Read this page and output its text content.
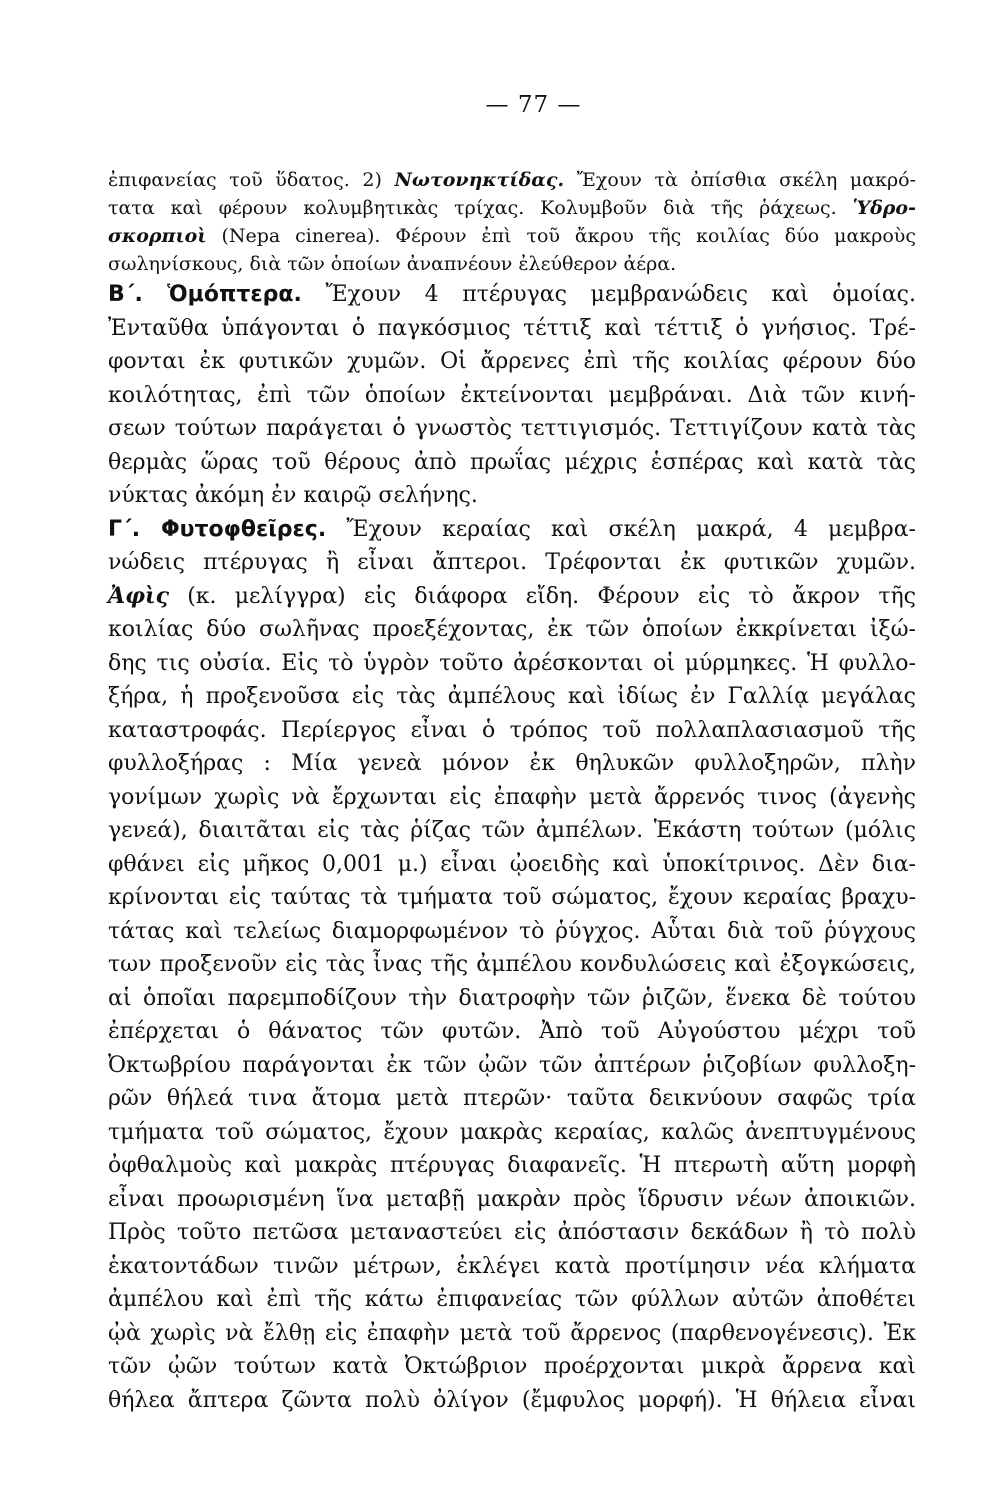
— 77 —
ἐπιφανείας τοῦ ὕδατος. 2) Νωτονηκτίδας. Ἔχουν τὰ ὀπίσθια σκέλη μακρό-
τατα καὶ φέρουν κολυμβητικὰς τρίχας. Κολυμβοῦν διὰ τῆς ῥάχεως. Ὑδρο-
σκορπιοὶ (Nepa cinerea). Φέρουν ἐπὶ τοῦ ἄκρου τῆς κοιλίας δύο μακροὺς
σωληνίσκους, διὰ τῶν ὁποίων ἀναπνέουν ἐλεύθερον ἀέρα.
Β΄. Ὁμόπτερα. Ἔχουν 4 πτέρυγας μεμβρανώδεις καὶ ὁμοίας.
Ἐνταῦθα ὑπάγονται ὁ παγκόσμιος τέττιξ καὶ τέττιξ ὁ γνήσιος. Τρέ-
φονται ἐκ φυτικῶν χυμῶν. Οἱ ἄρρενες ἐπὶ τῆς κοιλίας φέρουν δύο
κοιλότητας, ἐπὶ τῶν ὁποίων ἐκτείνονται μεμβράναι. Διὰ τῶν κινή-
σεων τούτων παράγεται ὁ γνωστὸς τεττιγισμός. Τεττιγίζουν κατὰ τὰς
θερμὰς ὥρας τοῦ θέρους ἀπὸ πρωΐας μέχρις ἑσπέρας καὶ κατὰ τὰς
νύκτας ἀκόμη ἐν καιρῷ σελήνης.
Γ΄. Φυτοφθεῖρες. Ἔχουν κεραίας καὶ σκέλη μακρά, 4 μεμβρα-
νώδεις πτέρυγας ἢ εἶναι ἄπτεροι. Τρέφονται ἐκ φυτικῶν χυμῶν.
Ἀφὶς (κ. μελίγγρα) εἰς διάφορα εἴδη. Φέρουν εἰς τὸ ἄκρον τῆς
κοιλίας δύο σωλῆνας προεξέχοντας, ἐκ τῶν ὁποίων ἐκκρίνεται ἰξώ-
δης τις οὐσία. Εἰς τὸ ὑγρὸν τοῦτο ἀρέσκονται οἱ μύρμηκες. Ἡ φυλλο-
ξήρα, ἡ προξενοῦσα εἰς τὰς ἀμπέλους καὶ ἰδίως ἐν Γαλλίᾳ μεγάλας
καταστροφάς. Περίεργος εἶναι ὁ τρόπος τοῦ πολλαπλασιασμοῦ τῆς
φυλλοξήρας : Μία γενεὰ μόνον ἐκ θηλυκῶν φυλλοξηρῶν, πλὴν
γονίμων χωρὶς νὰ ἔρχωνται εἰς ἐπαφὴν μετὰ ἄρρενός τινος (ἀγενὴς
γενεά), διαιτᾶται εἰς τὰς ῥίζας τῶν ἀμπέλων. Ἑκάστη τούτων (μόλις
φθάνει εἰς μῆκος 0,001 μ.) εἶναι ᾠοειδὴς καὶ ὑποκίτρινος. Δὲν δια-
κρίνονται εἰς ταύτας τὰ τμήματα τοῦ σώματος, ἔχουν κεραίας βραχυ-
τάτας καὶ τελείως διαμορφωμένον τὸ ῥύγχος. Αὗται διὰ τοῦ ῥύγχους
των προξενοῦν εἰς τὰς ἶνας τῆς ἀμπέλου κονδυλώσεις καὶ ἐξογκώσεις,
αἱ ὁποῖαι παρεμποδίζουν τὴν διατροφὴν τῶν ῥιζῶν, ἕνεκα δὲ τούτου
ἐπέρχεται ὁ θάνατος τῶν φυτῶν. Ἀπὸ τοῦ Αὐγούστου μέχρι τοῦ
Ὀκτωβρίου παράγονται ἐκ τῶν ᾠῶν τῶν ἀπτέρων ῥιζοβίων φυλλοξη-
ρῶν θήλεά τινα ἄτομα μετὰ πτερῶν· ταῦτα δεικνύουν σαφῶς τρία
τμήματα τοῦ σώματος, ἔχουν μακρὰς κεραίας, καλῶς ἀνεπτυγμένους
ὀφθαλμοὺς καὶ μακρὰς πτέρυγας διαφανεῖς. Ἡ πτερωτὴ αὕτη μορφὴ
εἶναι προωρισμένη ἵνα μεταβῇ μακρὰν πρὸς ἵδρυσιν νέων ἀποικιῶν.
Πρὸς τοῦτο πετῶσα μεταναστεύει εἰς ἀπόστασιν δεκάδων ἢ τὸ πολὺ
ἑκατοντάδων τινῶν μέτρων, ἐκλέγει κατὰ προτίμησιν νέα κλήματα
ἀμπέλου καὶ ἐπὶ τῆς κάτω ἐπιφανείας τῶν φύλλων αὐτῶν ἀποθέτει
ᾠὰ χωρὶς νὰ ἔλθῃ εἰς ἐπαφὴν μετὰ τοῦ ἄρρενος (παρθενογένεσις). Ἐκ
τῶν ᾠῶν τούτων κατὰ Ὀκτώβριον προέρχονται μικρὰ ἄρρενα καὶ
θήλεα ἄπτερα ζῶντα πολὺ ὀλίγον (ἔμφυλος μορφή). Ἡ θήλεια εἶναι
